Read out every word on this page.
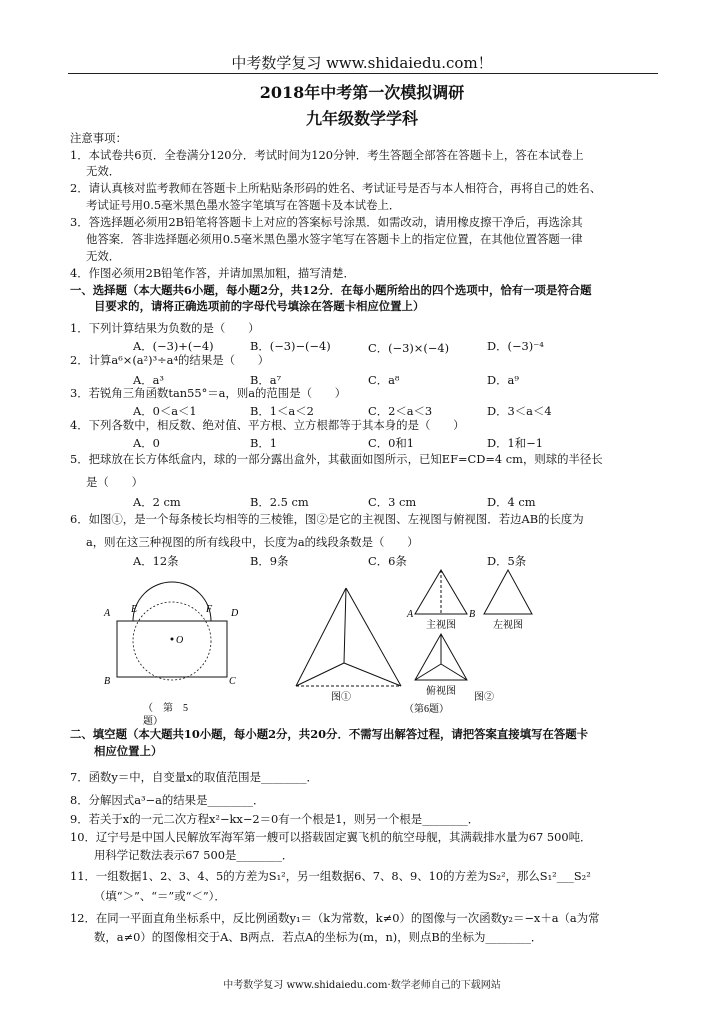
中考数学复习 www.shidaiedu.com！
2018年中考第一次模拟调研
九年级数学学科
注意事项：
1．本试卷共6页．全卷满分120分．考试时间为120分钟．考生答题全部答在答题卡上，答在本试卷上
无效．
2．请认真核对监考教师在答题卡上所粘贴条形码的姓名、考试证号是否与本人相符合，再将自己的姓名、
考试证号用0.5毫米黑色墨水签字笔填写在答题卡及本试卷上．
3．答选择题必须用2B铅笔将答题卡上对应的答案标号涂黑．如需改动，请用橡皮擦干净后，再选涂其
他答案．答非选择题必须用0.5毫米黑色墨水签字笔写在答题卡上的指定位置，在其他位置答题一律
无效．
4．作图必须用2B铅笔作答，并请加黑加粗，描写清楚．
一、选择题（本大题共6小题，每小题2分，共12分．在每小题所给出的四个选项中，恰有一项是符合题
目要求的，请将正确选项前的字母代号填涂在答题卡相应位置上）
1．下列计算结果为负数的是（　　）
A．(−3)+(−4)	B．(−3)−(−4)	C．(−3)×(−4)	D．(−3)⁻⁴
2．计算a⁶×(a²)³÷a⁴的结果是（　　）
A．a³	B．a⁷	C．a⁸	D．a⁹
3．若锐角三角函数tan55°＝a，则a的范围是（　　）
A．0＜a＜1	B．1＜a＜2	C．2＜a＜3	D．3＜a＜4
4．下列各数中，相反数、绝对值、平方根、立方根都等于其本身的是（　　）
A．0	B．1	C．0和1	D．1和−1
5．把球放在长方体纸盒内，球的一部分露出盒外，其截面如图所示，已知EF=CD=4 cm，则球的半径长
是（　　）
A．2 cm	B．2.5 cm	C．3 cm	D．4 cm
6．如图①，是一个每条棱长均相等的三棱锥，图②是它的主视图、左视图与俯视图．若边AB的长度为
a，则在这三种视图的所有线段中，长度为a的线段条数是（　　）
A．12条	B．9条	C．6条	D．5条
A E	F D
O
B	C
（　第　5
题）
图①
（第6题）
A	B
主视图	左视图
俯视图
图②
二、填空题（本大题共10小题，每小题2分，共20分．不需写出解答过程，请把答案直接填写在答题卡
相应位置上）
7．函数y＝中，自变量x的取值范围是________．
8．分解因式a³−a的结果是________．
9．若关于x的一元二次方程x²−kx−2＝0有一个根是1，则另一个根是________．
10．辽宁号是中国人民解放军海军第一艘可以搭载固定翼飞机的航空母舰，其满载排水量为67 500吨．
用科学记数法表示67 500是________．
11．一组数据1、2、3、4、5的方差为S₁²，另一组数据6、7、8、9、10的方差为S₂²，那么S₁²___S₂²
（填“＞”、“＝”或“＜”）．
12．在同一平面直角坐标系中，反比例函数y₁＝（k为常数，k≠0）的图像与一次函数y₂＝−x＋a（a为常
数，a≠0）的图像相交于A、B两点．若点A的坐标为(m，n)，则点B的坐标为________．
中考数学复习 www.shidaiedu.com·数学老师自己的下载网站
